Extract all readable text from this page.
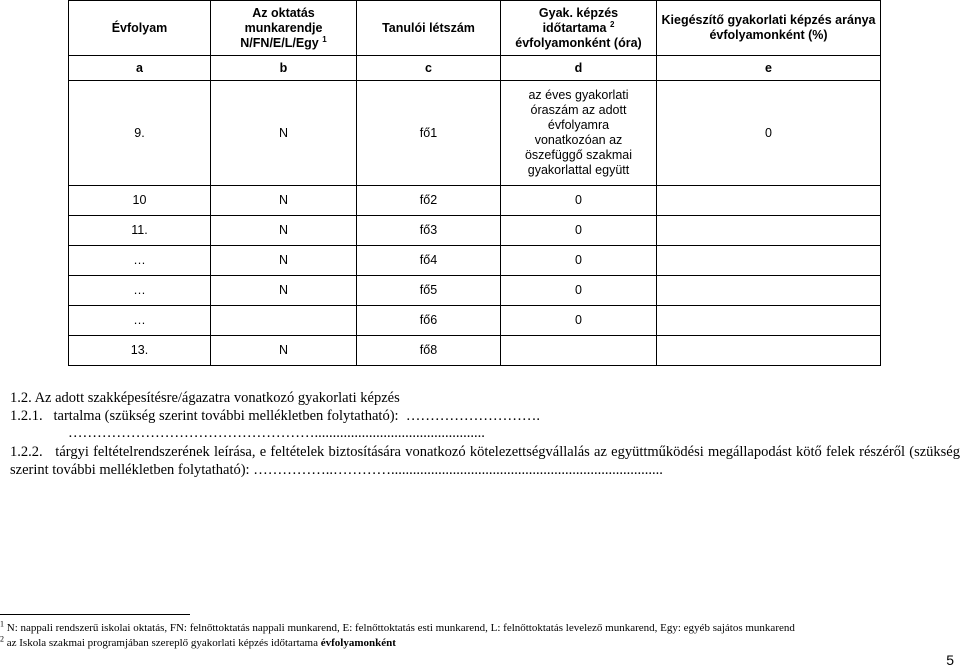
Évfolyam	Az oktatás munkarendje N/FN/E/L/Egy $^1$	Tanulói létszám	Gyak. képzés
időtartama $^2$
évfolyamonként (óra)	Kiegészítő gyakorlati képzés aránya évfolyamonként (%)
a	b	c	d	e
9.	N	fő1	az éves gyakorlati óraszám az adott évfolyamra vonatkozóan az öszefüggő szakmai gyakorlattal együtt	0
10	N	fő2	0	
11.	N	fő3	0	
…	N	fő4	0	
…	N	fő5	0	
…		fő6	0	
13.	N	fő8		
1.2. Az adott szakképesítésre/ágazatra vonatkozó gyakorlati képzés
1.2.1. tartalma (szükség szerint további mellékletben folytatható): ……………………….
……………………………………………...............................................
1.2.2. tárgyi feltételrendszerének leírása, e feltételek biztosítására vonatkozó kötelezettségvállalás az együttműködési megállapodást kötő felek részéről (szükség szerint további mellékletben folytatható): ……………..…………...........................................................................
$^1$ N: nappali rendszerű iskolai oktatás, FN: felnőttoktatás nappali munkarend, E: felnőttoktatás esti munkarend, L: felnőttoktatás levelező munkarend, Egy: egyéb sajátos munkarend
$^2$ az Iskola szakmai programjában szereplő gyakorlati képzés időtartama évfolyamonként
5
